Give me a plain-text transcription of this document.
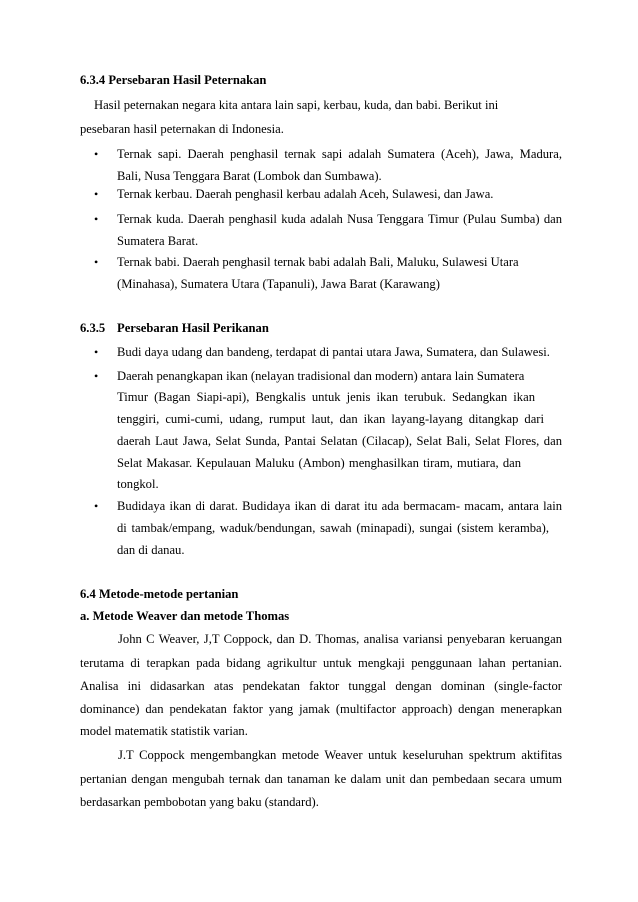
6.3.4 Persebaran Hasil Peternakan
Hasil peternakan negara kita antara lain sapi, kerbau, kuda, dan babi. Berikut ini
pesebaran hasil peternakan di Indonesia.
• Ternak sapi. Daerah penghasil ternak sapi adalah Sumatera (Aceh), Jawa, Madura,
Bali, Nusa Tenggara Barat (Lombok dan Sumbawa).
• Ternak kerbau. Daerah penghasil kerbau adalah Aceh, Sulawesi, dan Jawa.
• Ternak kuda. Daerah penghasil kuda adalah Nusa Tenggara Timur (Pulau Sumba) dan
Sumatera Barat.
• Ternak babi. Daerah penghasil ternak babi adalah Bali, Maluku, Sulawesi Utara
(Minahasa), Sumatera Utara (Tapanuli), Jawa Barat (Karawang)
6.3.5 Persebaran Hasil Perikanan
• Budi daya udang dan bandeng, terdapat di pantai utara Jawa, Sumatera, dan Sulawesi.
• Daerah penangkapan ikan (nelayan tradisional dan modern) antara lain Sumatera
Timur (Bagan Siapi-api), Bengkalis untuk jenis ikan terubuk. Sedangkan ikan
tenggiri, cumi-cumi, udang, rumput laut, dan ikan layang-layang ditangkap dari
daerah Laut Jawa, Selat Sunda, Pantai Selatan (Cilacap), Selat Bali, Selat Flores, dan
Selat Makasar. Kepulauan Maluku (Ambon) menghasilkan tiram, mutiara, dan
tongkol.
• Budidaya ikan di darat. Budidaya ikan di darat itu ada bermacam- macam, antara lain
di tambak/empang, waduk/bendungan, sawah (minapadi), sungai (sistem keramba),
dan di danau.
6.4 Metode-metode pertanian
a. Metode Weaver dan metode Thomas
John C Weaver, J,T Coppock, dan D. Thomas, analisa variansi penyebaran keruangan
terutama di terapkan pada bidang agrikultur untuk mengkaji penggunaan lahan pertanian.
Analisa ini didasarkan atas pendekatan faktor tunggal dengan dominan (single-factor
dominance) dan pendekatan faktor yang jamak (multifactor approach) dengan menerapkan
model matematik statistik varian.
J.T Coppock mengembangkan metode Weaver untuk keseluruhan spektrum aktifitas
pertanian dengan mengubah ternak dan tanaman ke dalam unit dan pembedaan secara umum
berdasarkan pembobotan yang baku (standard).
